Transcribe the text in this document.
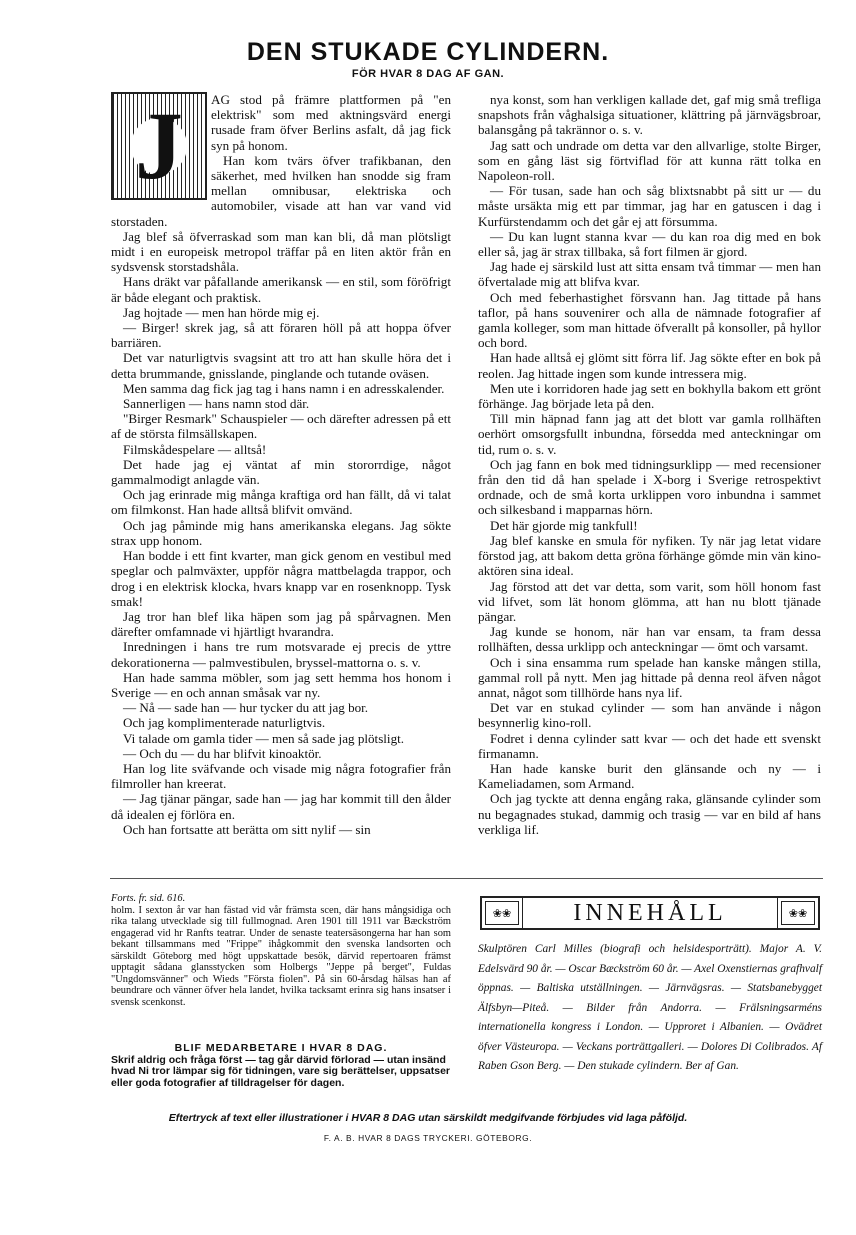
DEN STUKADE CYLINDERN.
FÖR HVAR 8 DAG AF GAN.
J	AG stod på främre plattformen på "en elektrisk" som med aktningsvärd energi rusade fram öfver Berlins asfalt, då jag fick syn på honom.

Han kom tvärs öfver trafikbanan, den säkerhet, med hvilken han snodde sig fram mellan omnibusar, elektriska och automobiler, visade att han var vand vid storstaden.

Jag blef så öfverraskad som man kan bli, då man plötsligt midt i en europeisk metropol träffar på en liten aktör från en sydsvensk storstadshåla.

Hans dräkt var påfallande amerikansk — en stil, som föröfrigt är både elegant och praktisk.

Jag hojtade — men han hörde mig ej.

— Birger! skrek jag, så att föraren höll på att hoppa öfver barriären.

Det var naturligtvis svagsint att tro att han skulle höra det i detta brummande, gnisslande, pinglande och tutande oväsen.

Men samma dag fick jag tag i hans namn i en adresskalender.

Sannerligen — hans namn stod där.

"Birger Resmark" Schauspieler — och därefter adressen på ett af de största filmsällskapen.

Filmskådespelare — alltså!

Det hade jag ej väntat af min stororrdige, något gammalmodigt anlagde vän.

Och jag erinrade mig många kraftiga ord han fällt, då vi talat om filmkonst. Han hade alltså blifvit omvänd.

Och jag påminde mig hans amerikanska elegans. Jag sökte strax upp honom.

Han bodde i ett fint kvarter, man gick genom en vestibul med speglar och palmväxter, uppför några mattbelagda trappor, och drog i en elektrisk klocka, hvars knapp var en rosenknopp. Tysk smak!

Jag tror han blef lika häpen som jag på spårvagnen. Men därefter omfamnade vi hjärtligt hvarandra.

Inredningen i hans tre rum motsvarade ej precis de yttre dekorationerna — palmvestibulen, bryssel-mattorna o. s. v.

Han hade samma möbler, som jag sett hemma hos honom i Sverige — en och annan småsak var ny.

— Nå — sade han — hur tycker du att jag bor.

Och jag komplimenterade naturligtvis.

Vi talade om gamla tider — men så sade jag plötsligt.

— Och du — du har blifvit kinoaktör.

Han log lite sväfvande och visade mig några fotografier från filmroller han kreerat.

— Jag tjänar pängar, sade han — jag har kommit till den ålder då idealen ej förlöra en.

Och han fortsatte att berätta om sitt nylif — sin

nya konst, som han verkligen kallade det, gaf mig små trefliga snapshots från våghalsiga situationer, klättring på järnvägsbroar, balansgång på takrännor o. s. v.

Jag satt och undrade om detta var den allvarlige, stolte Birger, som en gång läst sig förtviflad för att kunna rätt tolka en Napoleon-roll.

— För tusan, sade han och såg blixtsnabbt på sitt ur — du måste ursäkta mig ett par timmar, jag har en gatuscen i dag i Kurfürstendamm och det går ej att försumma.

— Du kan lugnt stanna kvar — du kan roa dig med en bok eller så, jag är strax tillbaka, så fort filmen är gjord.

Jag hade ej särskild lust att sitta ensam två timmar — men han öfvertalade mig att blifva kvar.

Och med feberhastighet försvann han. Jag tittade på hans taflor, på hans souvenirer och alla de nämnade fotografier af gamla kolleger, som man hittade öfverallt på konsoller, på hyllor och bord.

Han hade alltså ej glömt sitt förra lif. Jag sökte efter en bok på reolen. Jag hittade ingen som kunde intressera mig.

Men ute i korridoren hade jag sett en bokhylla bakom ett grönt förhänge. Jag började leta på den.

Till min häpnad fann jag att det blott var gamla rollhäften oerhört omsorgsfullt inbundna, försedda med anteckningar om tid, rum o. s. v.

Och jag fann en bok med tidningsurklipp — med recensioner från den tid då han spelade i X-borg i Sverige retrospektivt ordnade, och de små korta urklippen voro inbundna i sammet och silkesband i mapparnas hörn.

Det här gjorde mig tankfull!

Jag blef kanske en smula för nyfiken. Ty när jag letat vidare förstod jag, att bakom detta gröna förhänge gömde min vän kino-aktören sina ideal.

Jag förstod att det var detta, som varit, som höll honom fast vid lifvet, som lät honom glömma, att han nu blott tjänade pängar.

Jag kunde se honom, när han var ensam, ta fram dessa rollhäften, dessa urklipp och anteckningar — ömt och varsamt.

Och i sina ensamma rum spelade han kanske mången stilla, gammal roll på nytt. Men jag hittade på denna reol äfven något annat, något som tillhörde hans nya lif.

Det var en stukad cylinder — som han använde i någon besynnerlig kino-roll.

Fodret i denna cylinder satt kvar — och det hade ett svenskt firmanamn.

Han hade kanske burit den glänsande och ny — i Kameliadamen, som Armand.

Och jag tyckte att denna engång raka, glänsande cylinder som nu begagnades stukad, dammig och trasig — var en bild af hans verkliga lif.

Forts. fr. sid. 616.

holm. I sexton år var han fästad vid vår främsta scen, där hans mångsidiga och rika talang utvecklade sig till fullmognad. Aren 1901 till 1911 var Bæckström engagerad vid hr Ranfts teatrar. Under de senaste teatersäsongerna har han som bekant tillsammans med "Frippe" ihågkommit den svenska landsorten och särskildt Göteborg med högt uppskattade besök, därvid repertoaren främst upptagit sådana glansstycken som Holbergs "Jeppe på berget", Fuldas "Ungdomsvänner" och Wieds "Första fiolen". På sin 60-årsdag hälsas han af beundrare och vänner öfver hela landet, hvilka tacksamt erinra sig hans insatser i svensk scenkonst.

BLIF MEDARBETARE I HVAR 8 DAG.
Skrif aldrig och fråga först — tag går därvid förlorad — utan insänd hvad Ni tror lämpar sig för tidningen, vare sig berättelser, uppsatser eller goda fotografier af tilldragelser för dagen.
❀❀	INNEHÅLL	❀❀
Skulptören Carl Milles (biografi och helsidesporträtt). Major A. V. Edelsvärd 90 år. — Oscar Bæckström 60 år. — Axel Oxenstiernas grafhvalf öppnas. — Baltiska utställningen. — Järnvägsras. — Statsbanebygget Älfsbyn—Piteå. — Bilder från Andorra. — Frälsningsarméns internationella kongress i London. — Upproret i Albanien. — Ovädret öfver Västeuropa. — Veckans porträttgalleri. — Dolores Di Colibrados. Af Raben Gson Berg. — Den stukade cylindern. Ber af Gan.
Eftertryck af text eller illustrationer i HVAR 8 DAG utan särskildt medgifvande förbjudes vid laga påföljd.
F. A. B. HVAR 8 DAGS TRYCKERI. GÖTEBORG.
